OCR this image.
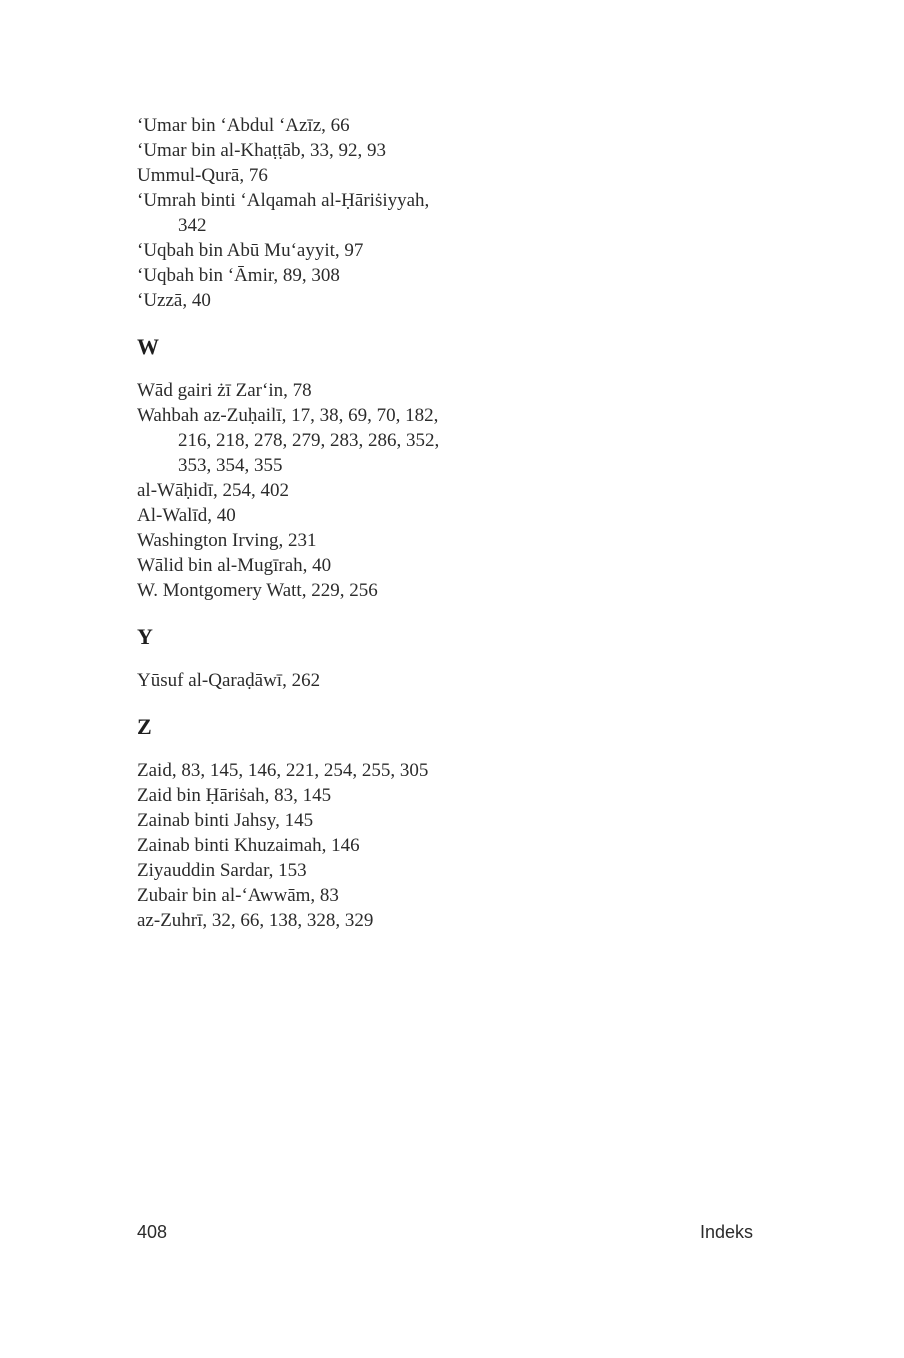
‘Umar bin ‘Abdul ‘Azīz, 66

‘Umar bin al-Khaṭṭāb, 33, 92, 93

Ummul-Qurā, 76

‘Umrah binti ‘Alqamah al-Ḥāriṡiyyah, 342

‘Uqbah bin Abū Mu‘ayyit, 97

‘Uqbah bin ‘Āmir, 89, 308

‘Uzzā, 40

W

Wād gairi żī Zar‘in, 78

Wahbah az-Zuḥailī, 17, 38, 69, 70, 182, 216, 218, 278, 279, 283, 286, 352, 353, 354, 355

al-Wāḥidī, 254, 402

Al-Walīd, 40

Washington Irving, 231

Wālid bin al-Mugīrah, 40

W. Montgomery Watt, 229, 256

Y

Yūsuf al-Qaraḍāwī, 262

Z

Zaid, 83, 145, 146, 221, 254, 255, 305

Zaid bin Ḥāriṡah, 83, 145

Zainab binti Jahsy, 145

Zainab binti Khuzaimah, 146

Ziyauddin Sardar, 153

Zubair bin al-‘Awwām, 83

az-Zuhrī, 32, 66, 138, 328, 329

408	Indeks
